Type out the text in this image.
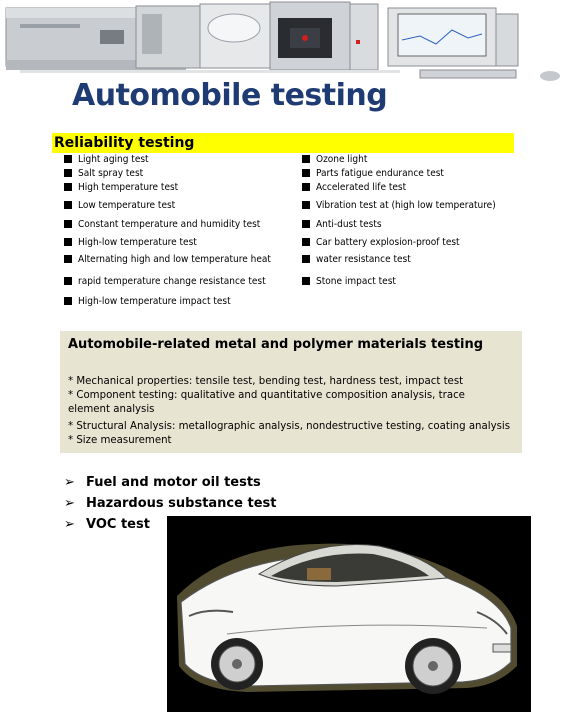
Automobile testing
Reliability testing
Light aging test
Salt spray test
High temperature test
Low temperature test
Constant temperature and humidity test
High-low temperature test
Alternating high and low temperature heat
rapid temperature change resistance test
High-low temperature impact test
Ozone light
Parts fatigue endurance test
Accelerated life test
Vibration test at (high low temperature)
Anti-dust tests
Car battery explosion-proof test
water resistance test
Stone impact test
Automobile-related metal and polymer materials testing
* Mechanical properties: tensile test, bending test, hardness test, impact test
* Component testing: qualitative and quantitative composition analysis, trace
element analysis
* Structural Analysis: metallographic analysis, nondestructive testing, coating analysis
* Size measurement
➢ Fuel and motor oil tests
➢ Hazardous substance test
➢ VOC test
